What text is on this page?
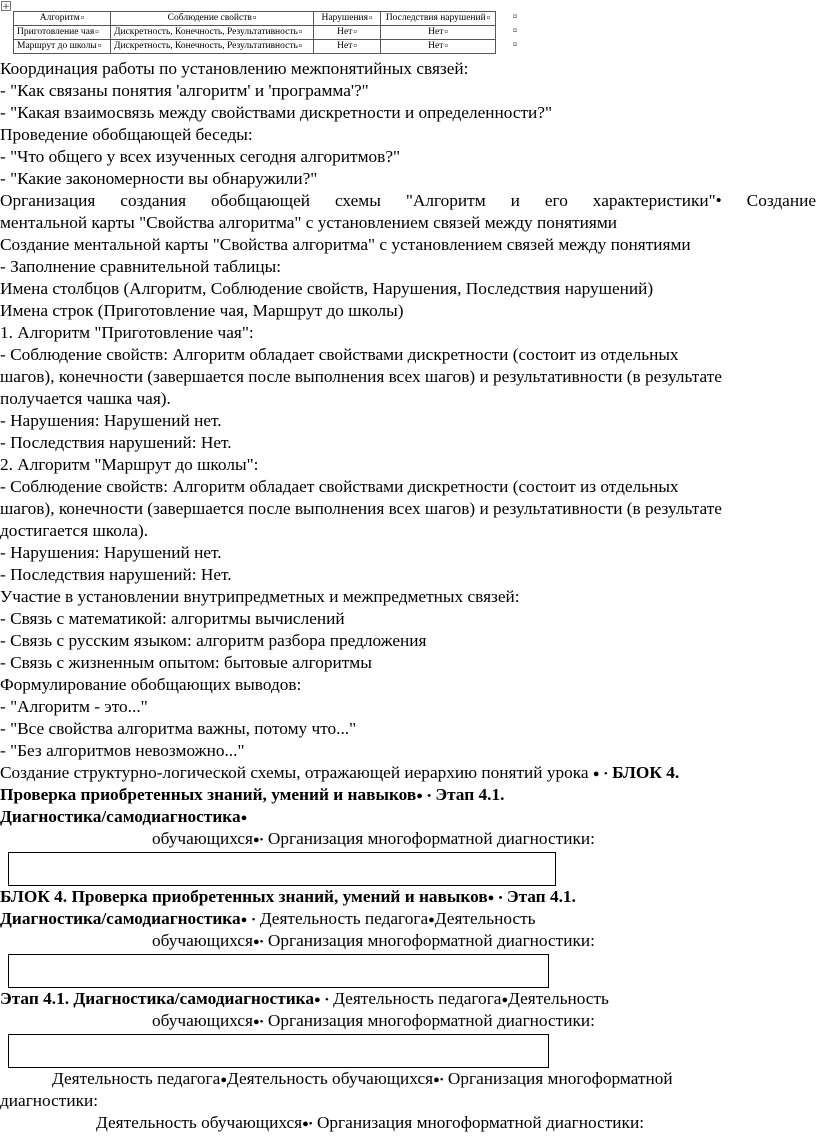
+
Алгоритм¤	Соблюдение свойств¤	Нарушения¤	Последствия нарушений¤
Приготовление чая¤	Дискретность, Конечность, Результативность¤	Нет¤	Нет¤
Маршрут до школы¤	Дискретность, Конечность, Результативность¤	Нет¤	Нет¤
¤
¤
¤
Координация работы по установлению межпонятийных связей:
- "Как связаны понятия 'алгоритм' и 'программа'?"
- "Какая взаимосвязь между свойствами дискретности и определенности?"
Проведение обобщающей беседы:
- "Что общего у всех изученных сегодня алгоритмов?"
- "Какие закономерности вы обнаружили?"
Организация создания обобщающей схемы "Алгоритм и его характеристики"• Создание
ментальной карты "Свойства алгоритма" с установлением связей между понятиями
Создание ментальной карты "Свойства алгоритма" с установлением связей между понятиями
- Заполнение сравнительной таблицы:
Имена столбцов (Алгоритм, Соблюдение свойств, Нарушения, Последствия нарушений)
Имена строк (Приготовление чая, Маршрут до школы)
1. Алгоритм "Приготовление чая":
- Соблюдение свойств: Алгоритм обладает свойствами дискретности (состоит из отдельных
шагов), конечности (завершается после выполнения всех шагов) и результативности (в результате
получается чашка чая).
- Нарушения: Нарушений нет.
- Последствия нарушений: Нет.
2. Алгоритм "Маршрут до школы":
- Соблюдение свойств: Алгоритм обладает свойствами дискретности (состоит из отдельных
шагов), конечности (завершается после выполнения всех шагов) и результативности (в результате
достигается школа).
- Нарушения: Нарушений нет.
- Последствия нарушений: Нет.
Участие в установлении внутрипредметных и межпредметных связей:
- Связь с математикой: алгоритмы вычислений
- Связь с русским языком: алгоритм разбора предложения
- Связь с жизненным опытом: бытовые алгоритмы
Формулирование обобщающих выводов:
- "Алгоритм - это..."
- "Все свойства алгоритма важны, потому что..."
- "Без алгоритмов невозможно..."
Создание структурно-логической схемы, отражающей иерархию понятий урока ● • БЛОК 4.
Проверка приобретенных знаний, умений и навыков● • Этап 4.1.
Диагностика/самодиагностика●
обучающихся●• Организация многоформатной диагностики:
БЛОК 4. Проверка приобретенных знаний, умений и навыков● • Этап 4.1.
Диагностика/самодиагностика● • Деятельность педагога●Деятельность
обучающихся●• Организация многоформатной диагностики:
Этап 4.1. Диагностика/самодиагностика● • Деятельность педагога●Деятельность
обучающихся●• Организация многоформатной диагностики:
Деятельность педагога●Деятельность обучающихся●• Организация многоформатной
диагностики:
Деятельность обучающихся●• Организация многоформатной диагностики:
